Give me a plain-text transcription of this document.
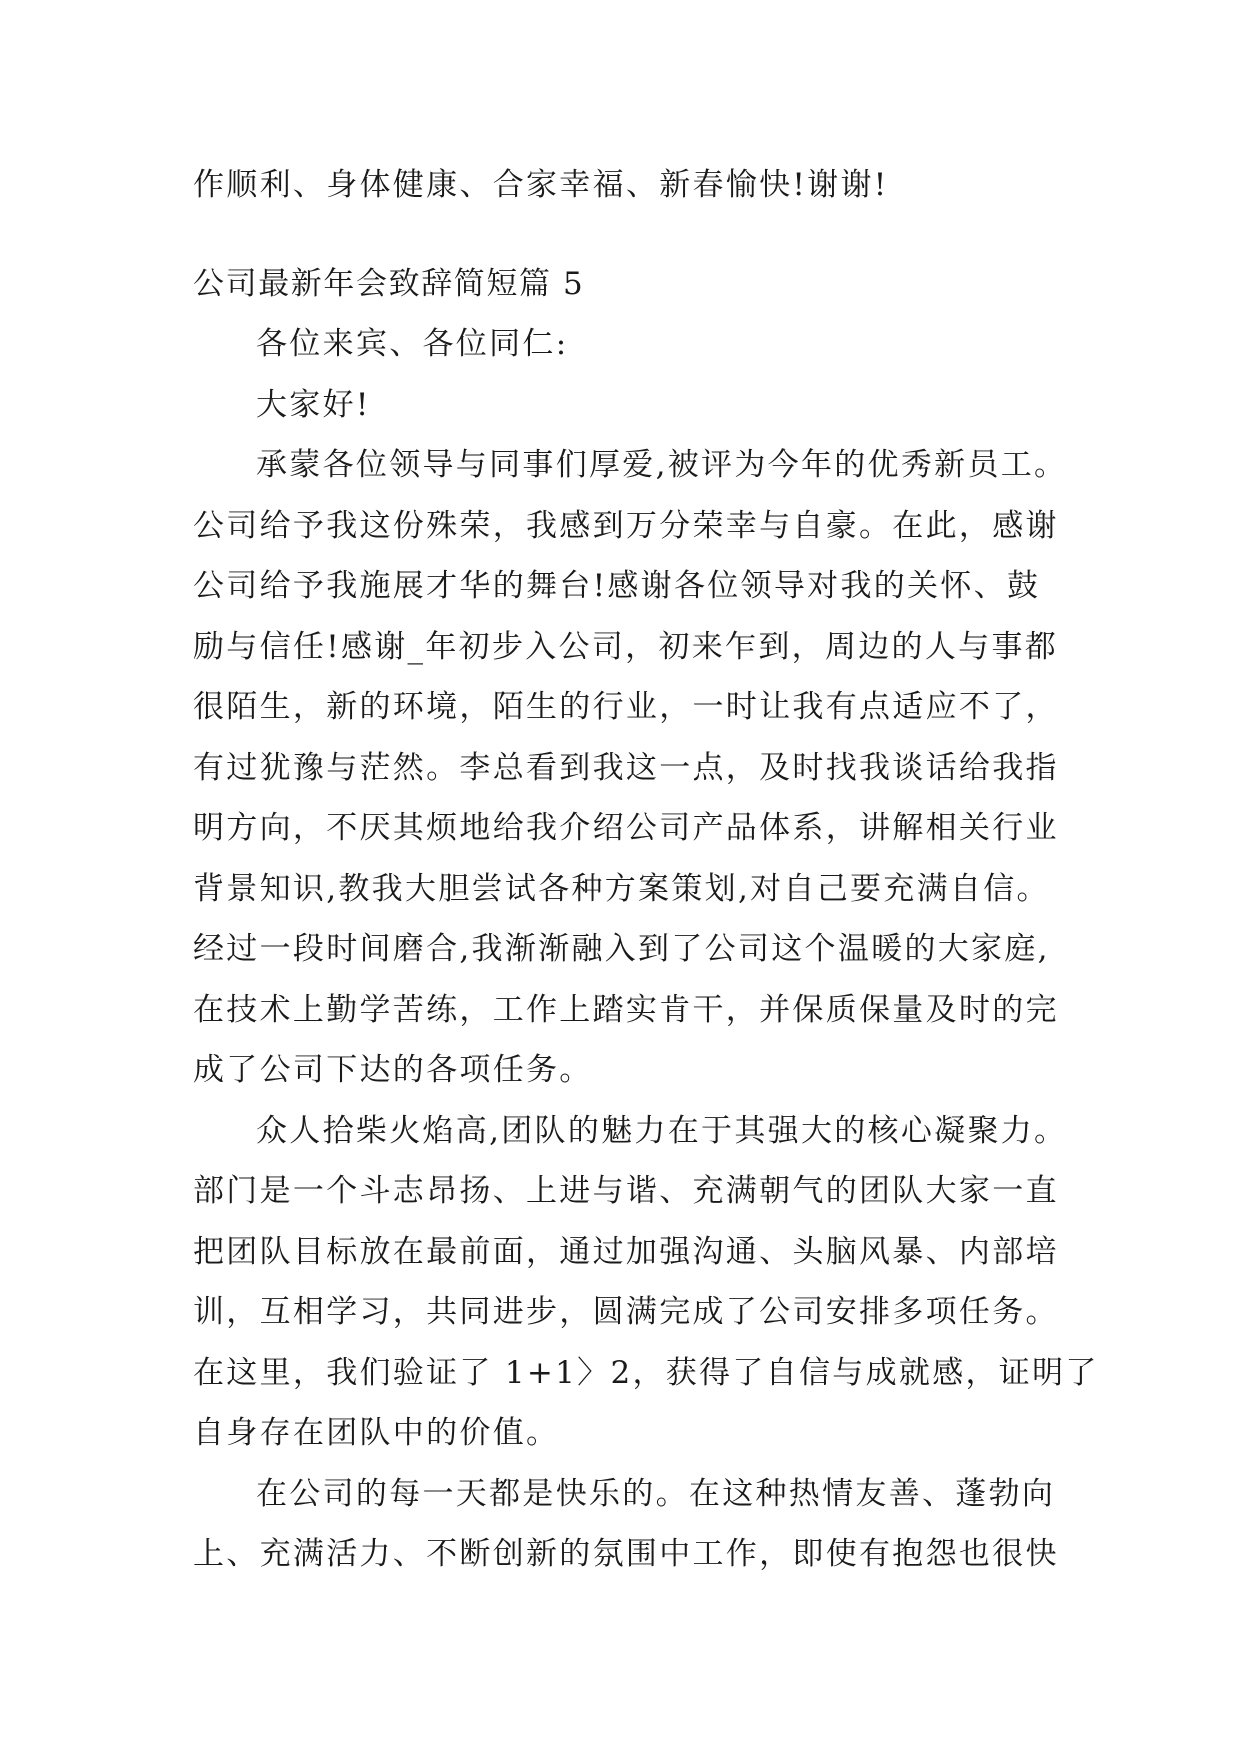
作顺利、身体健康、合家幸福、新春愉快!谢谢!
公司最新年会致辞简短篇 5
各位来宾、各位同仁:
大家好!
承蒙各位领导与同事们厚爱,被评为今年的优秀新员工。
公司给予我这份殊荣，我感到万分荣幸与自豪。在此，感谢
公司给予我施展才华的舞台!感谢各位领导对我的关怀、鼓
励与信任!感谢_年初步入公司，初来乍到，周边的人与事都
很陌生，新的环境，陌生的行业，一时让我有点适应不了，
有过犹豫与茫然。李总看到我这一点，及时找我谈话给我指
明方向，不厌其烦地给我介绍公司产品体系，讲解相关行业
背景知识,教我大胆尝试各种方案策划,对自己要充满自信。
经过一段时间磨合,我渐渐融入到了公司这个温暖的大家庭,
在技术上勤学苦练，工作上踏实肯干，并保质保量及时的完
成了公司下达的各项任务。
众人拾柴火焰高,团队的魅力在于其强大的核心凝聚力。
部门是一个斗志昂扬、上进与谐、充满朝气的团队大家一直
把团队目标放在最前面，通过加强沟通、头脑风暴、内部培
训，互相学习，共同进步，圆满完成了公司安排多项任务。
在这里，我们验证了 1+1〉2，获得了自信与成就感，证明了
自身存在团队中的价值。
在公司的每一天都是快乐的。在这种热情友善、蓬勃向
上、充满活力、不断创新的氛围中工作，即使有抱怨也很快
